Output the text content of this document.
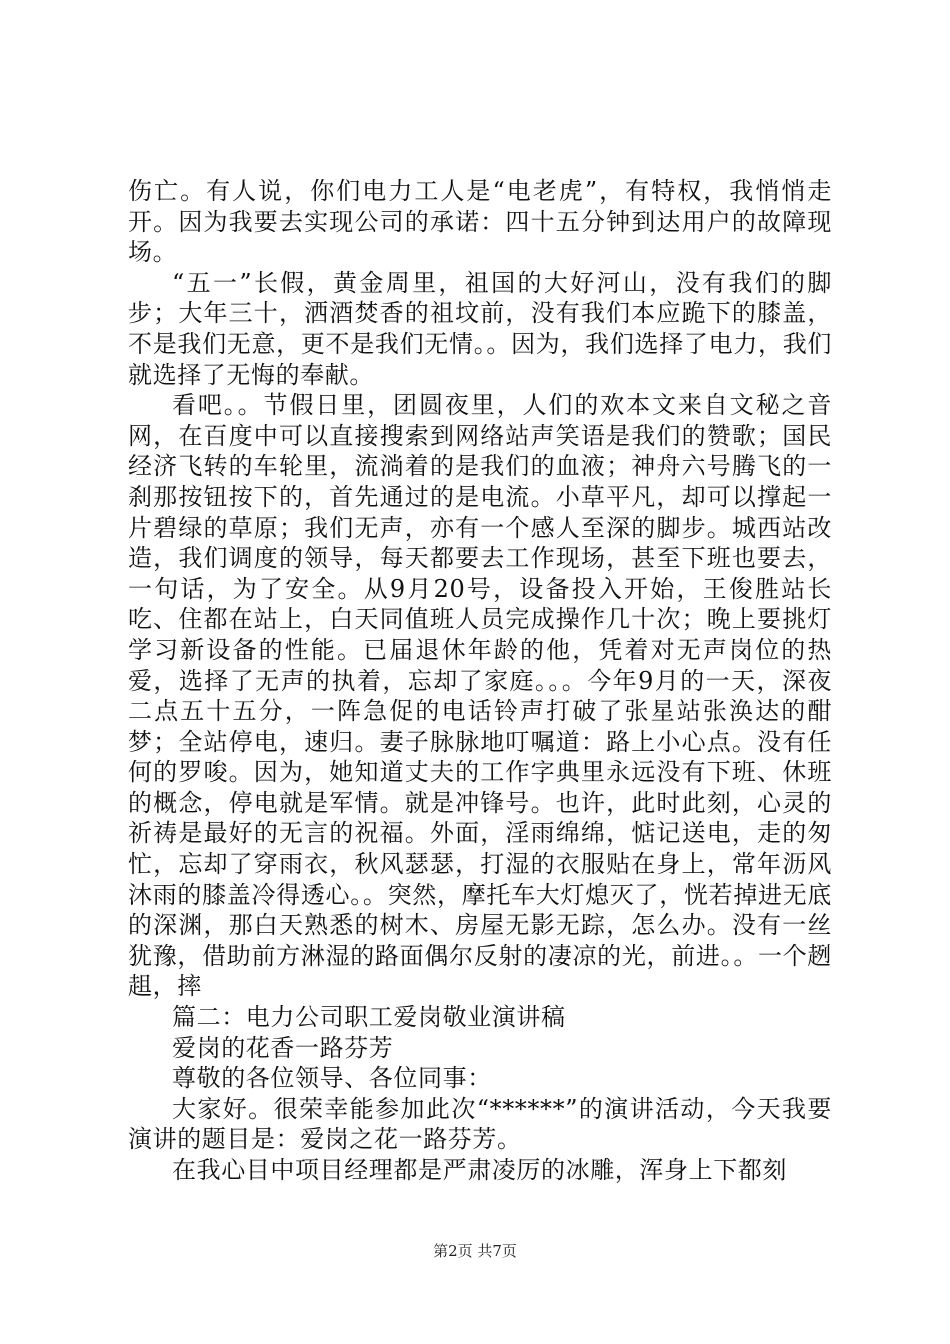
伤亡。有人说，你们电力工人是“电老虎”，有特权，我悄悄走开。因为我要去实现公司的承诺：四十五分钟到达用户的故障现场。

“五一”长假，黄金周里，祖国的大好河山，没有我们的脚步；大年三十，洒酒焚香的祖坟前，没有我们本应跪下的膝盖，不是我们无意，更不是我们无情。。因为，我们选择了电力，我们就选择了无悔的奉献。

看吧。。节假日里，团圆夜里，人们的欢本文来自文秘之音网，在百度中可以直接搜索到网络站声笑语是我们的赞歌；国民经济飞转的车轮里，流淌着的是我们的血液；神舟六号腾飞的一刹那按钮按下的，首先通过的是电流。小草平凡，却可以撑起一片碧绿的草原；我们无声，亦有一个感人至深的脚步。城西站改造，我们调度的领导，每天都要去工作现场，甚至下班也要去，一句话，为了安全。从9月20号，设备投入开始，王俊胜站长吃、住都在站上，白天同值班人员完成操作几十次；晚上要挑灯学习新设备的性能。已届退休年龄的他，凭着对无声岗位的热爱，选择了无声的执着，忘却了家庭。。。今年9月的一天，深夜二点五十五分，一阵急促的电话铃声打破了张星站张涣达的酣梦；全站停电，速归。妻子脉脉地叮嘱道：路上小心点。没有任何的罗唆。因为，她知道丈夫的工作字典里永远没有下班、休班的概念，停电就是军情。就是冲锋号。也许，此时此刻，心灵的祈祷是最好的无言的祝福。外面，淫雨绵绵，惦记送电，走的匆忙，忘却了穿雨衣，秋风瑟瑟，打湿的衣服贴在身上，常年沥风沐雨的膝盖冷得透心。。突然，摩托车大灯熄灭了，恍若掉进无底的深渊，那白天熟悉的树木、房屋无影无踪，怎么办。没有一丝犹豫，借助前方淋湿的路面偶尔反射的凄凉的光，前进。。一个趔趄，摔

篇二：电力公司职工爱岗敬业演讲稿

爱岗的花香一路芬芳

尊敬的各位领导、各位同事：

大家好。很荣幸能参加此次“******”的演讲活动，今天我要演讲的题目是：爱岗之花一路芬芳。

在我心目中项目经理都是严肃凌厉的冰雕，浑身上下都刻

第2页 共7页
